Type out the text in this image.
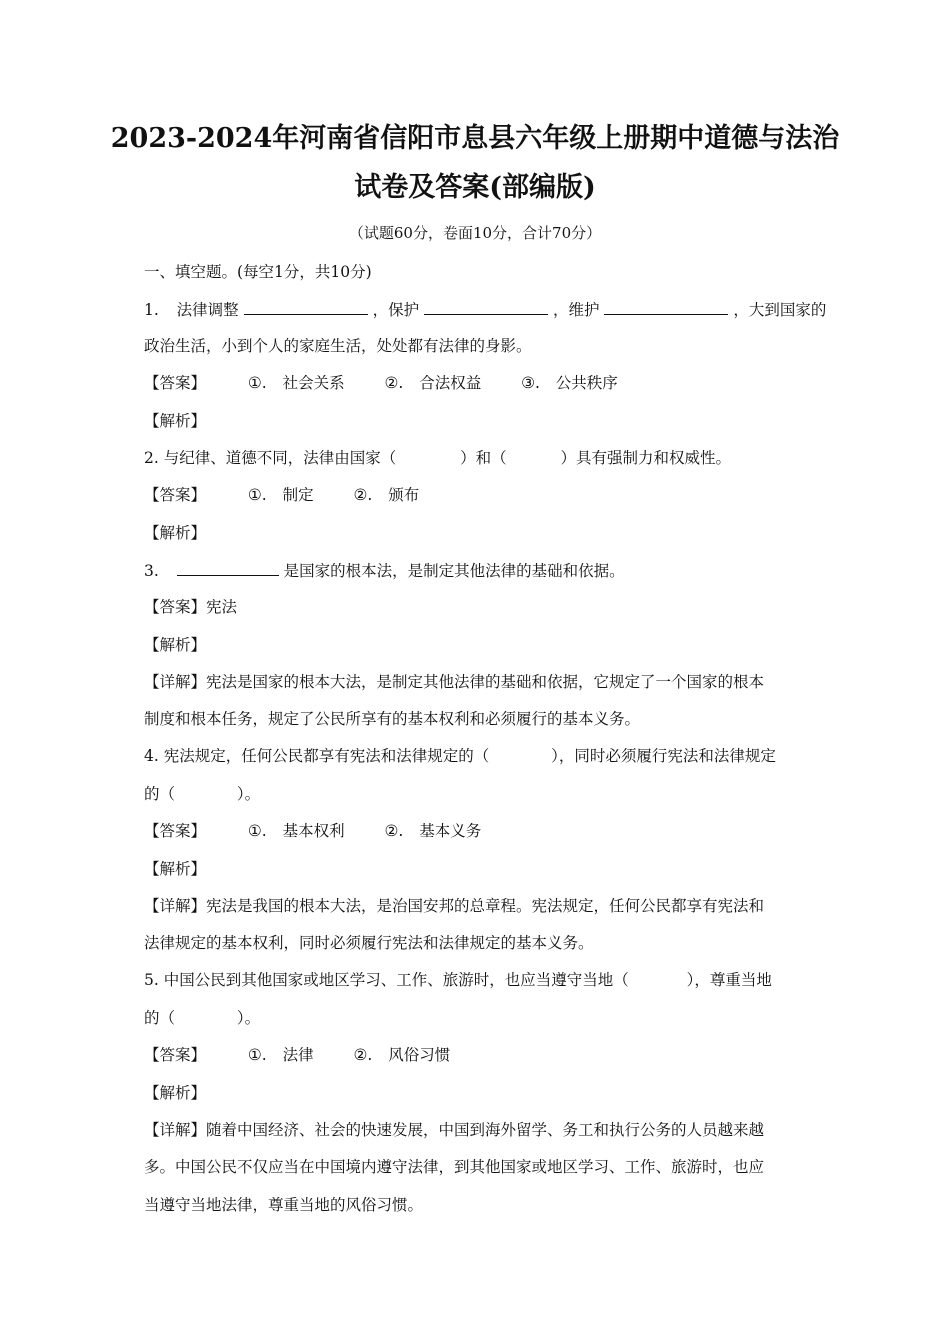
2023-2024年河南省信阳市息县六年级上册期中道德与法治
试卷及答案(部编版)
（试题60分，卷面10分，合计70分）
一、填空题。(每空1分，共10分)
1. 法律调整	，保护	，维护	，大到国家的
政治生活，小到个人的家庭生活，处处都有法律的身影。
【答案】	①. 社会关系	②. 合法权益	③. 公共秩序
【解析】
2. 与纪律、道德不同，法律由国家（	）和（	）具有强制力和权威性。
【答案】	①. 制定	②. 颁布
【解析】
3.	是国家的根本法，是制定其他法律的基础和依据。
【答案】宪法
【解析】
【详解】宪法是国家的根本大法，是制定其他法律的基础和依据，它规定了一个国家的根本
制度和根本任务，规定了公民所享有的基本权利和必须履行的基本义务。
4. 宪法规定，任何公民都享有宪法和法律规定的（	），同时必须履行宪法和法律规定
的（	）。
【答案】	①. 基本权利	②. 基本义务
【解析】
【详解】宪法是我国的根本大法，是治国安邦的总章程。宪法规定，任何公民都享有宪法和
法律规定的基本权利，同时必须履行宪法和法律规定的基本义务。
5. 中国公民到其他国家或地区学习、工作、旅游时，也应当遵守当地（	），尊重当地
的（	）。
【答案】	①. 法律	②. 风俗习惯
【解析】
【详解】随着中国经济、社会的快速发展，中国到海外留学、务工和执行公务的人员越来越
多。中国公民不仅应当在中国境内遵守法律，到其他国家或地区学习、工作、旅游时，也应
当遵守当地法律，尊重当地的风俗习惯。
